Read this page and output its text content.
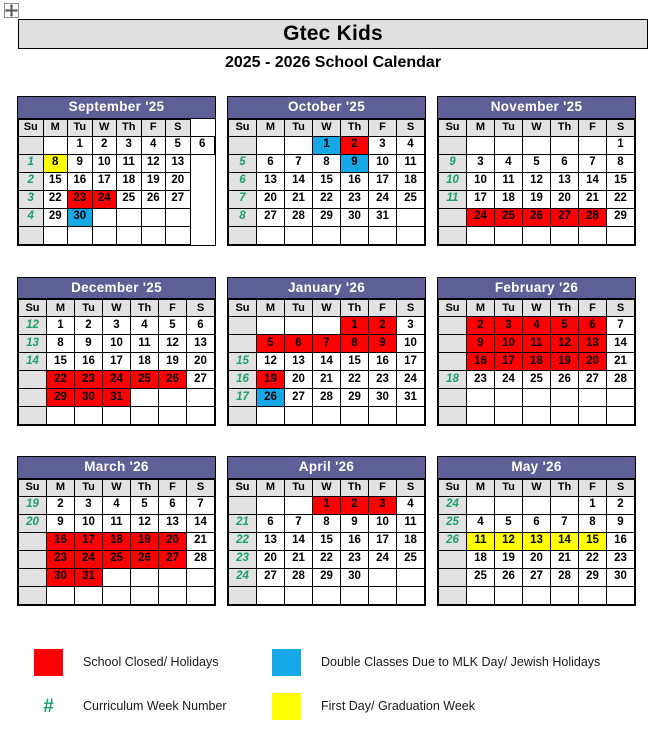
Gtec Kids
2025 - 2026 School Calendar
September '25
Su	M	Tu	W	Th	F	S	
		1	2	3	4	5	6
1	8	9	10	11	12	13	
2	15	16	17	18	19	20	
3	22	23	24	25	26	27	
4	29	30					

October '25
Su	M	Tu	W	Th	F	S
			1	2	3	4
5	6	7	8	9	10	11
6	13	14	15	16	17	18
7	20	21	22	23	24	25
8	27	28	29	30	31	

November '25
Su	M	Tu	W	Th	F	S
						1
9	3	4	5	6	7	8
10	10	11	12	13	14	15
11	17	18	19	20	21	22
	24	25	26	27	28	29

December '25
Su	M	Tu	W	Th	F	S
12	1	2	3	4	5	6
13	8	9	10	11	12	13
14	15	16	17	18	19	20
	22	23	24	25	26	27
	29	30	31			

January '26
Su	M	Tu	W	Th	F	S
				1	2	3
	5	6	7	8	9	10
15	12	13	14	15	16	17
16	19	20	21	22	23	24
17	26	27	28	29	30	31

February '26
Su	M	Tu	W	Th	F	S
	2	3	4	5	6	7
	9	10	11	12	13	14
	16	17	18	19	20	21
18	23	24	25	26	27	28

March '26
Su	M	Tu	W	Th	F	S
19	2	3	4	5	6	7
20	9	10	11	12	13	14
	16	17	18	19	20	21
	23	24	25	26	27	28
	30	31				

April '26
Su	M	Tu	W	Th	F	S
			1	2	3	4
21	6	7	8	9	10	11
22	13	14	15	16	17	18
23	20	21	22	23	24	25
24	27	28	29	30		

May '26
Su	M	Tu	W	Th	F	S
24					1	2
25	4	5	6	7	8	9
26	11	12	13	14	15	16
	18	19	20	21	22	23
	25	26	27	28	29	30

School Closed/ Holidays	Double Classes Due to MLK Day/ Jewish Holidays
#	Curriculum Week Number	First Day/ Graduation Week
